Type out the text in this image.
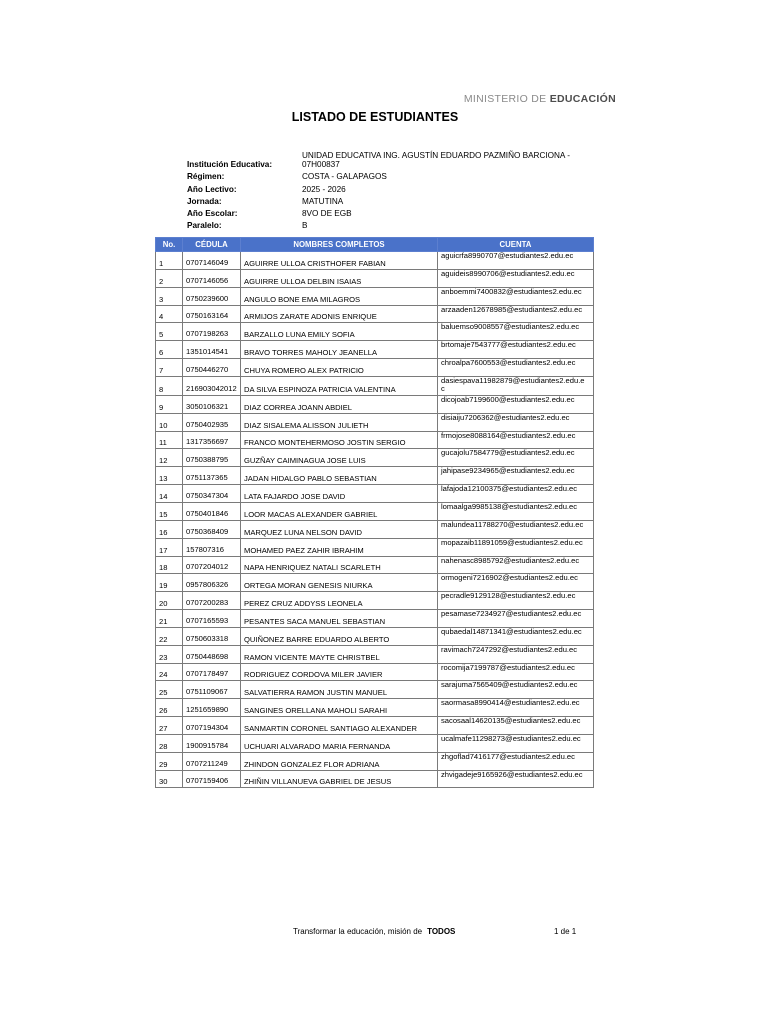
MINISTERIO DE EDUCACIÓN
LISTADO DE ESTUDIANTES
Institución Educativa:
UNIDAD EDUCATIVA ING. AGUSTÍN EDUARDO PAZMIÑO BARCIONA -
07H00837
Régimen:	COSTA - GALAPAGOS
Año Lectivo:	2025 - 2026
Jornada:	MATUTINA
Año Escolar:	8VO DE EGB
Paralelo:	B
No.	CÉDULA	NOMBRES COMPLETOS	CUENTA
1	0707146049	AGUIRRE ULLOA CRISTHOFER FABIAN	aguicrfa8990707@estudiantes2.edu.ec
2	0707146056	AGUIRRE ULLOA DELBIN ISAIAS	aguideis8990706@estudiantes2.edu.ec
3	0750239600	ANGULO BONE EMA MILAGROS	anboemmi7400832@estudiantes2.edu.ec
4	0750163164	ARMIJOS ZARATE ADONIS ENRIQUE	arzaaden12678985@estudiantes2.edu.ec
5	0707198263	BARZALLO LUNA EMILY SOFIA	baluemso9008557@estudiantes2.edu.ec
6	1351014541	BRAVO TORRES MAHOLY JEANELLA	brtomaje7543777@estudiantes2.edu.ec
7	0750446270	CHUYA ROMERO ALEX PATRICIO	chroalpa7600553@estudiantes2.edu.ec
8	216903042012	DA SILVA ESPINOZA PATRICIA VALENTINA	dasiespava11982879@estudiantes2.edu.e
c
9	3050106321	DIAZ CORREA JOANN ABDIEL	dicojoab7199600@estudiantes2.edu.ec
10	0750402935	DIAZ SISALEMA ALISSON JULIETH	disiaiju7206362@estudiantes2.edu.ec
11	1317356697	FRANCO MONTEHERMOSO JOSTIN SERGIO	frmojose8088164@estudiantes2.edu.ec
12	0750388795	GUZÑAY CAIMINAGUA JOSE LUIS	gucajolu7584779@estudiantes2.edu.ec
13	0751137365	JADAN HIDALGO PABLO SEBASTIAN	jahipase9234965@estudiantes2.edu.ec
14	0750347304	LATA FAJARDO JOSE DAVID	lafajoda12100375@estudiantes2.edu.ec
15	0750401846	LOOR MACAS ALEXANDER GABRIEL	lomaalga9985138@estudiantes2.edu.ec
16	0750368409	MARQUEZ LUNA NELSON DAVID	malundea11788270@estudiantes2.edu.ec
17	157807316	MOHAMED PAEZ ZAHIR IBRAHIM	mopazaib11891059@estudiantes2.edu.ec
18	0707204012	NAPA HENRIQUEZ NATALI SCARLETH	nahenasc8985792@estudiantes2.edu.ec
19	0957806326	ORTEGA MORAN GENESIS NIURKA	ormogeni7216902@estudiantes2.edu.ec
20	0707200283	PEREZ CRUZ ADDYSS LEONELA	pecradle9129128@estudiantes2.edu.ec
21	0707165593	PESANTES SACA MANUEL SEBASTIAN	pesamase7234927@estudiantes2.edu.ec
22	0750603318	QUIÑONEZ BARRE EDUARDO ALBERTO	qubaedal14871341@estudiantes2.edu.ec
23	0750448698	RAMON VICENTE MAYTE CHRISTBEL	ravimach7247292@estudiantes2.edu.ec
24	0707178497	RODRIGUEZ CORDOVA MILER JAVIER	rocomija7199787@estudiantes2.edu.ec
25	0751109067	SALVATIERRA RAMON JUSTIN MANUEL	sarajuma7565409@estudiantes2.edu.ec
26	1251659890	SANGINES ORELLANA MAHOLI SARAHI	saormasa8990414@estudiantes2.edu.ec
27	0707194304	SANMARTIN CORONEL SANTIAGO ALEXANDER	sacosaal14620135@estudiantes2.edu.ec
28	1900915784	UCHUARI ALVARADO MARIA FERNANDA	ucalmafe11298273@estudiantes2.edu.ec
29	0707211249	ZHINDON GONZALEZ FLOR ADRIANA	zhgoflad7416177@estudiantes2.edu.ec
30	0707159406	ZHIÑIN VILLANUEVA GABRIEL DE JESUS	zhvigadeje9165926@estudiantes2.edu.ec
Transformar la educación, misión de TODOS	1 de 1
